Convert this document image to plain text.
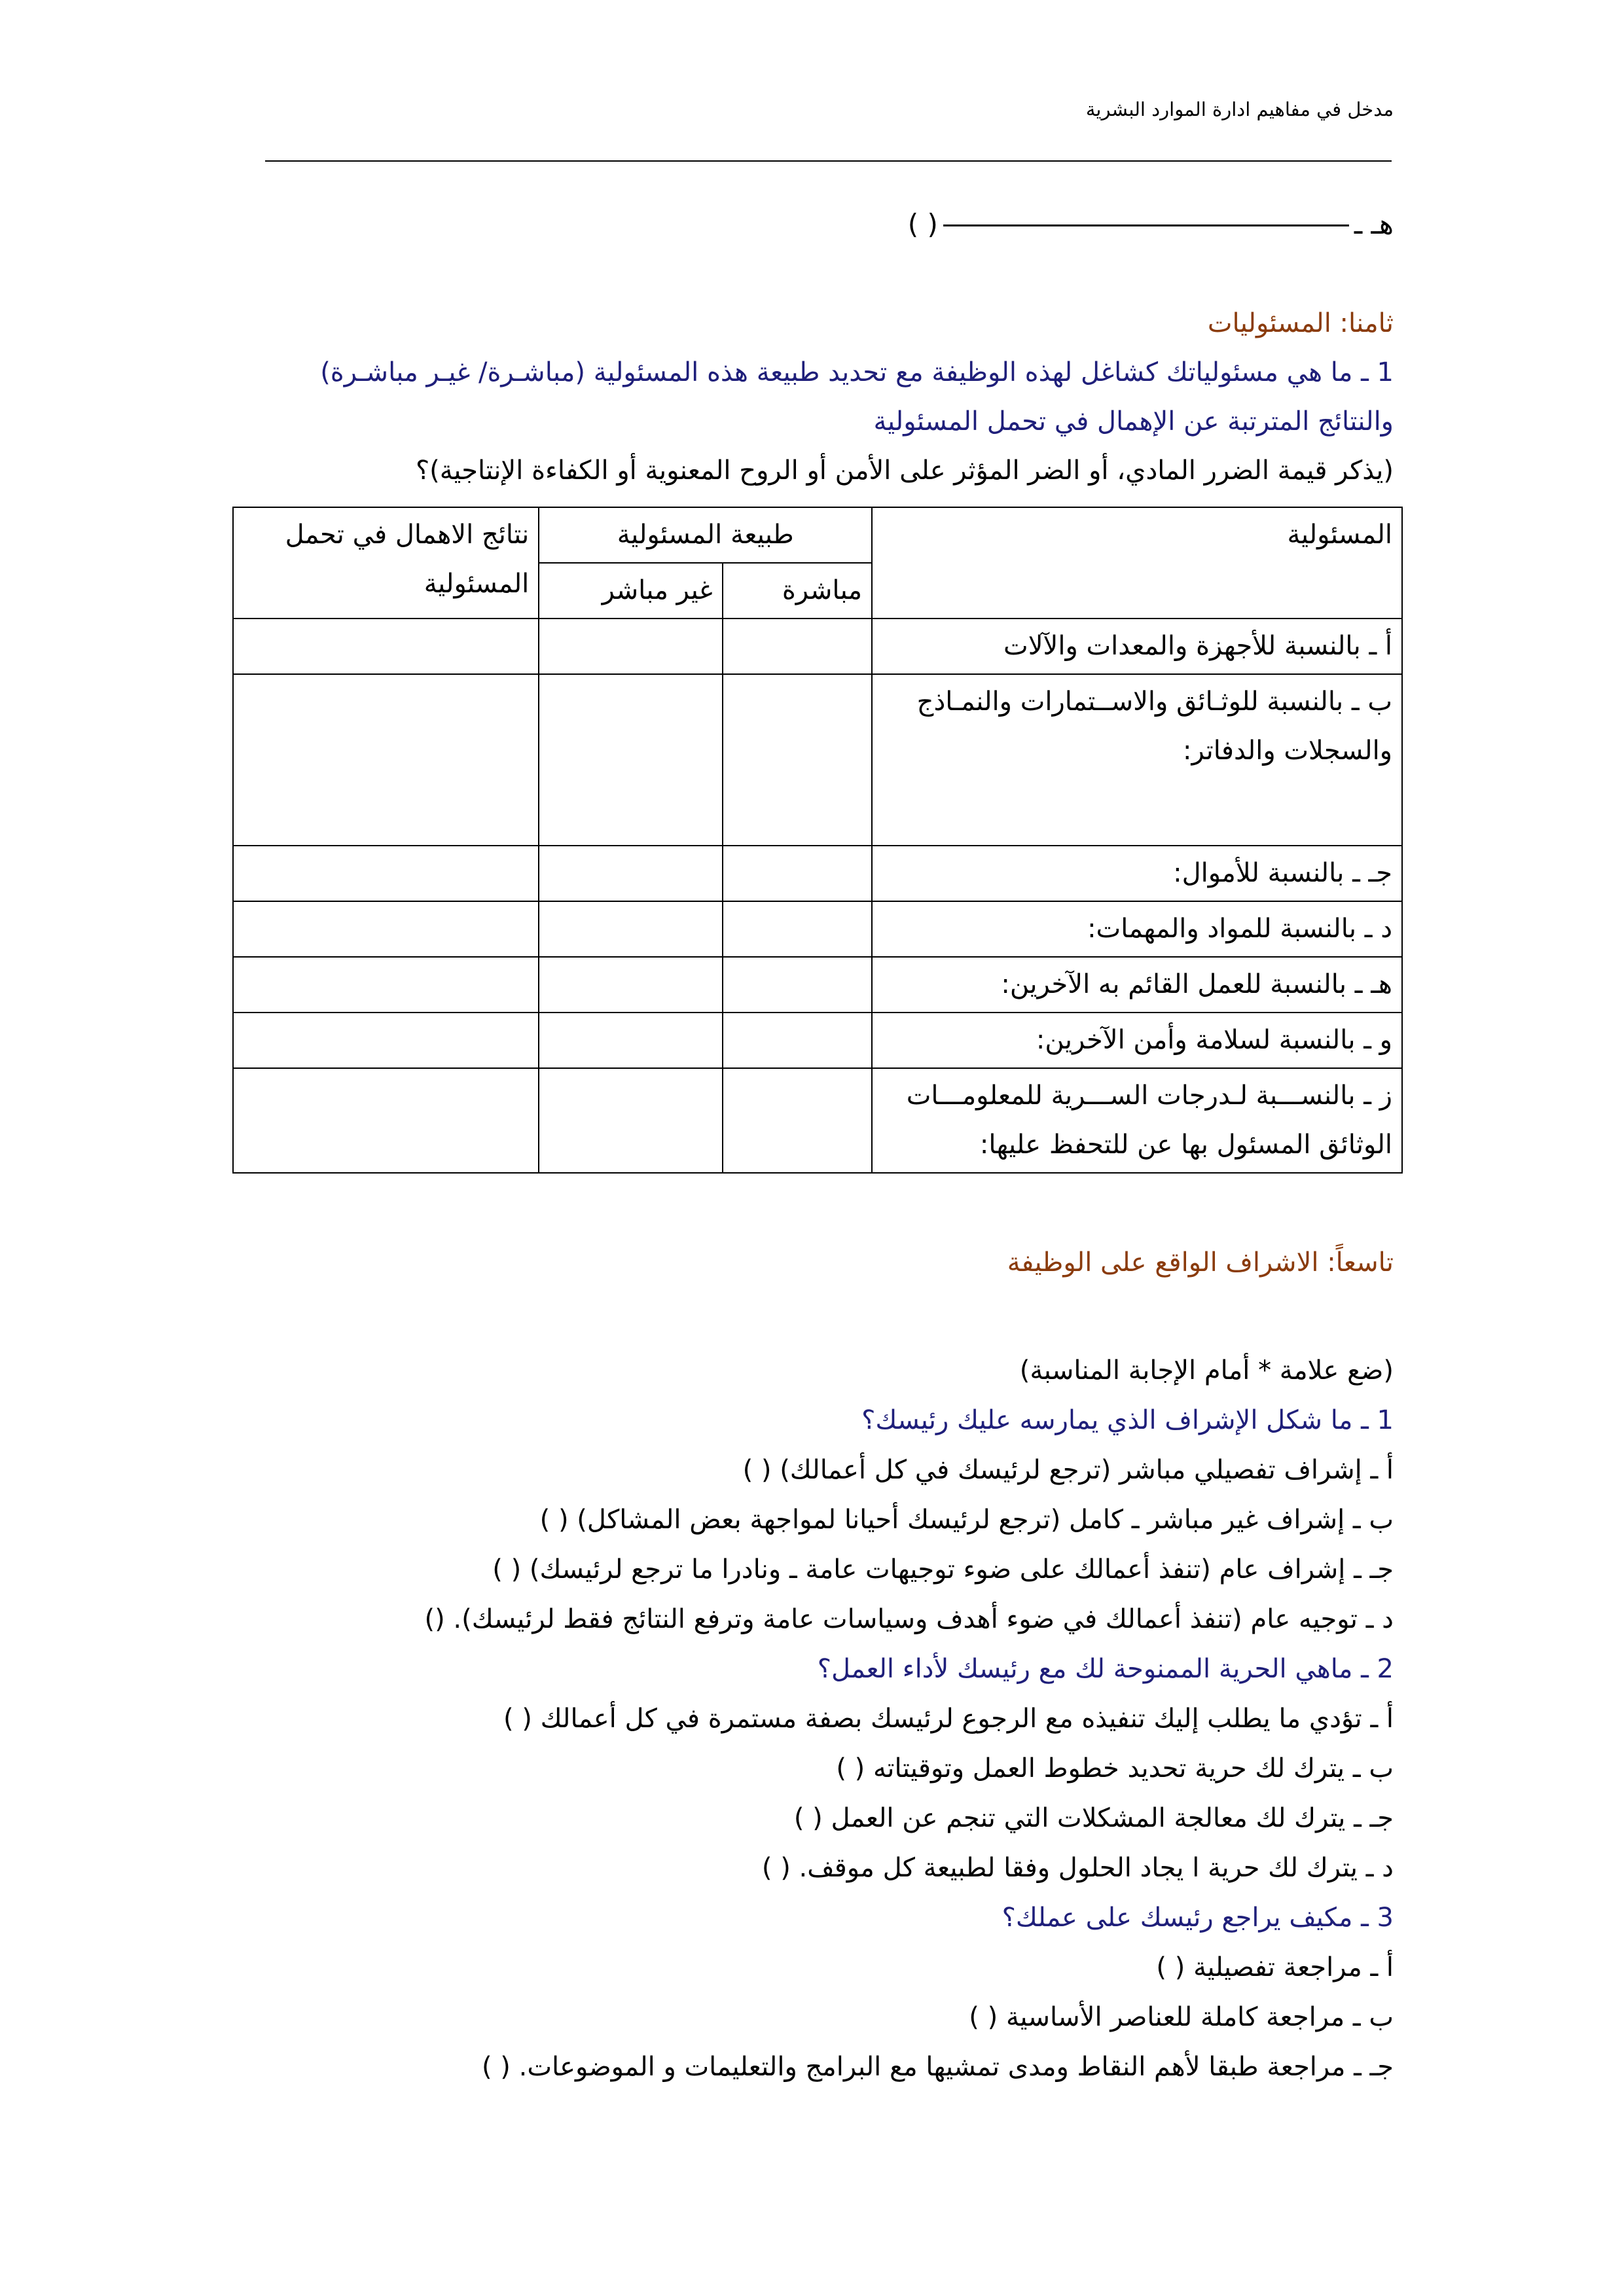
مدخل في مفاهيم ادارة الموارد البشرية
هـ ـ
( )
ثامنا: المسئوليات
1 ـ ما هي مسئولياتك كشاغل لهذه الوظيفة مع تحديد طبيعة هذه المسئولية (مباشـرة/ غيـر مباشـرة)
والنتائج المترتبة عن الإهمال في تحمل المسئولية
(يذكر قيمة الضرر المادي، أو الضر المؤثر على الأمن أو الروح المعنوية أو الكفاءة الإنتاجية)؟
المسئولية	طبيعة المسئولية		نتائج الاهمال في تحمل المسئولية
	مباشرة	غير مباشر	
أ ـ بالنسبة للأجهزة والمعدات والآلات			
ب ـ بالنسبة للوثـائق والاســتمارات والنمـاذج والسجلات والدفاتر:			
جـ ـ بالنسبة للأموال:			
د ـ بالنسبة للمواد والمهمات:			
هـ ـ بالنسبة للعمل القائم به الآخرين:			
و ـ بالنسبة لسلامة وأمن الآخرين:			
ز ـ بالنســـبة لـدرجات الســـرية للمعلومـــات الوثائق المسئول بها عن للتحفظ عليها:			
تاسعاً: الاشراف الواقع على الوظيفة
(ضع علامة * أمام الإجابة المناسبة)
1 ـ ما شكل الإشراف الذي يمارسه عليك رئيسك؟
أ ـ إشراف تفصيلي مباشر (ترجع لرئيسك في كل أعمالك) ( )
ب ـ إشراف غير مباشر ـ كامل (ترجع لرئيسك أحيانا لمواجهة بعض المشاكل) ( )
جـ ـ إشراف عام (تنفذ أعمالك على ضوء توجيهات عامة ـ ونادرا ما ترجع لرئيسك) ( )
د ـ توجيه عام (تنفذ أعمالك في ضوء أهدف وسياسات عامة وترفع النتائج فقط لرئيسك). ()
2 ـ ماهي الحرية الممنوحة لك مع رئيسك لأداء العمل؟
أ ـ تؤدي ما يطلب إليك تنفيذه مع الرجوع لرئيسك بصفة مستمرة في كل أعمالك ( )
ب ـ يترك لك حرية تحديد خطوط العمل وتوقيتاته ( )
جـ ـ يترك لك معالجة المشكلات التي تنجم عن العمل ( )
د ـ يترك لك حرية ا يجاد الحلول وفقا لطبيعة كل موقف. ( )
3 ـ مكيف يراجع رئيسك على عملك؟
أ ـ مراجعة تفصيلية ( )
ب ـ مراجعة كاملة للعناصر الأساسية ( )
جـ ـ مراجعة طبقا لأهم النقاط ومدى تمشيها مع البرامج والتعليمات و الموضوعات. ( )
